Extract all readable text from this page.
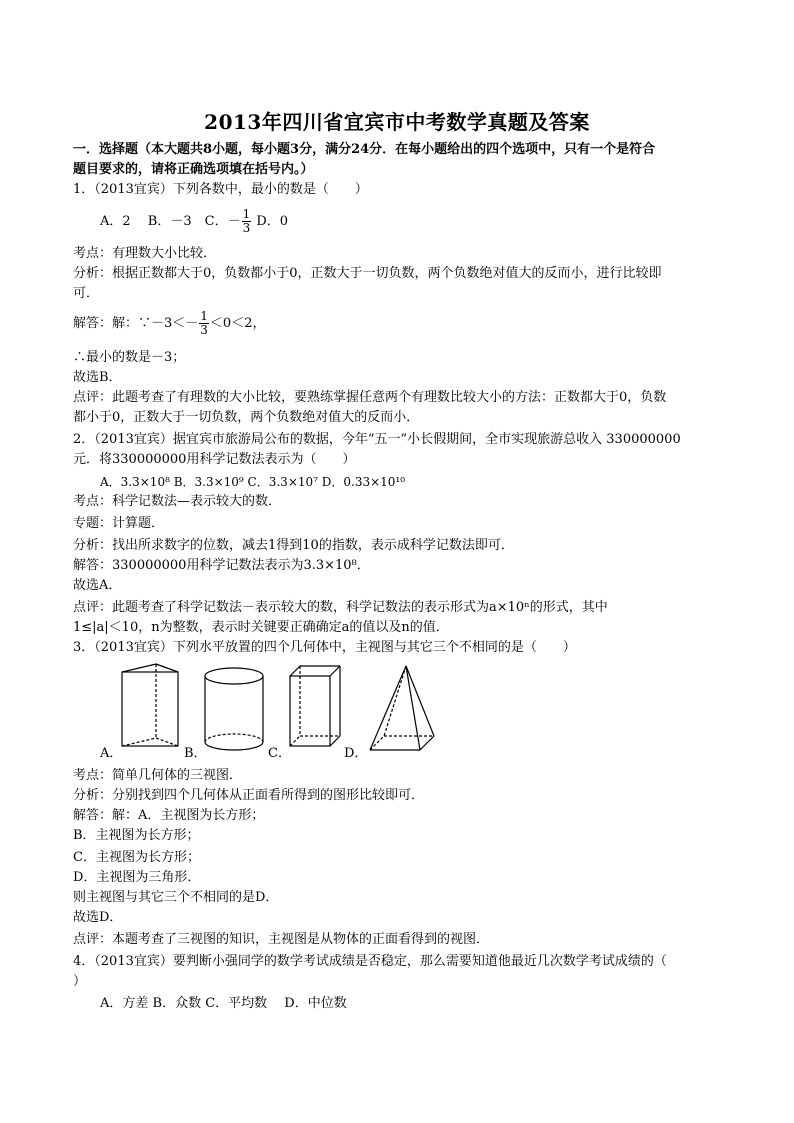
2013年四川省宜宾市中考数学真题及答案
一．选择题（本大题共8小题，每小题3分，满分24分．在每小题给出的四个选项中，只有一个是符合
题目要求的，请将正确选项填在括号内。）
1．（2013宜宾）下列各数中，最小的数是（　　）
A．2　 B．－3　C．－ $\frac{1}{3}$ D．0
考点：有理数大小比较．
分析：根据正数都大于0，负数都小于0，正数大于一切负数，两个负数绝对值大的反而小，进行比较即
可．
解答：解：∵－3＜－ $\frac{1}{3} <0<2$，
∴最小的数是－3；
故选B．
点评：此题考查了有理数的大小比较，要熟练掌握任意两个有理数比较大小的方法：正数都大于0，负数
都小于0，正数大于一切负数，两个负数绝对值大的反而小．
2．（2013宜宾）据宜宾市旅游局公布的数据，今年“五一”小长假期间，全市实现旅游总收入 330000000
元．将330000000用科学记数法表示为（　　）
A．3.3×10⁸ B．3.3×10⁹ C．3.3×10⁷ D．0.33×10¹⁰
考点：科学记数法—表示较大的数．
专题：计算题．
分析：找出所求数字的位数，减去1得到10的指数，表示成科学记数法即可．
解答：330000000用科学记数法表示为3.3×10⁸．
故选A．
点评：此题考查了科学记数法－表示较大的数，科学记数法的表示形式为a×10ⁿ的形式，其中
1≤|a|＜10，n为整数，表示时关键要正确确定a的值以及n的值．
3．（2013宜宾）下列水平放置的四个几何体中，主视图与其它三个不相同的是（　　）
A．	B．	C．	D．
考点：简单几何体的三视图．
分析：分别找到四个几何体从正面看所得到的图形比较即可．
解答：解：A．主视图为长方形；
B．主视图为长方形；
C．主视图为长方形；
D．主视图为三角形．
则主视图与其它三个不相同的是D．
故选D．
点评：本题考查了三视图的知识，主视图是从物体的正面看得到的视图．
4．（2013宜宾）要判断小强同学的数学考试成绩是否稳定，那么需要知道他最近几次数学考试成绩的（
）
A．方差 B．众数 C．平均数　 D．中位数
